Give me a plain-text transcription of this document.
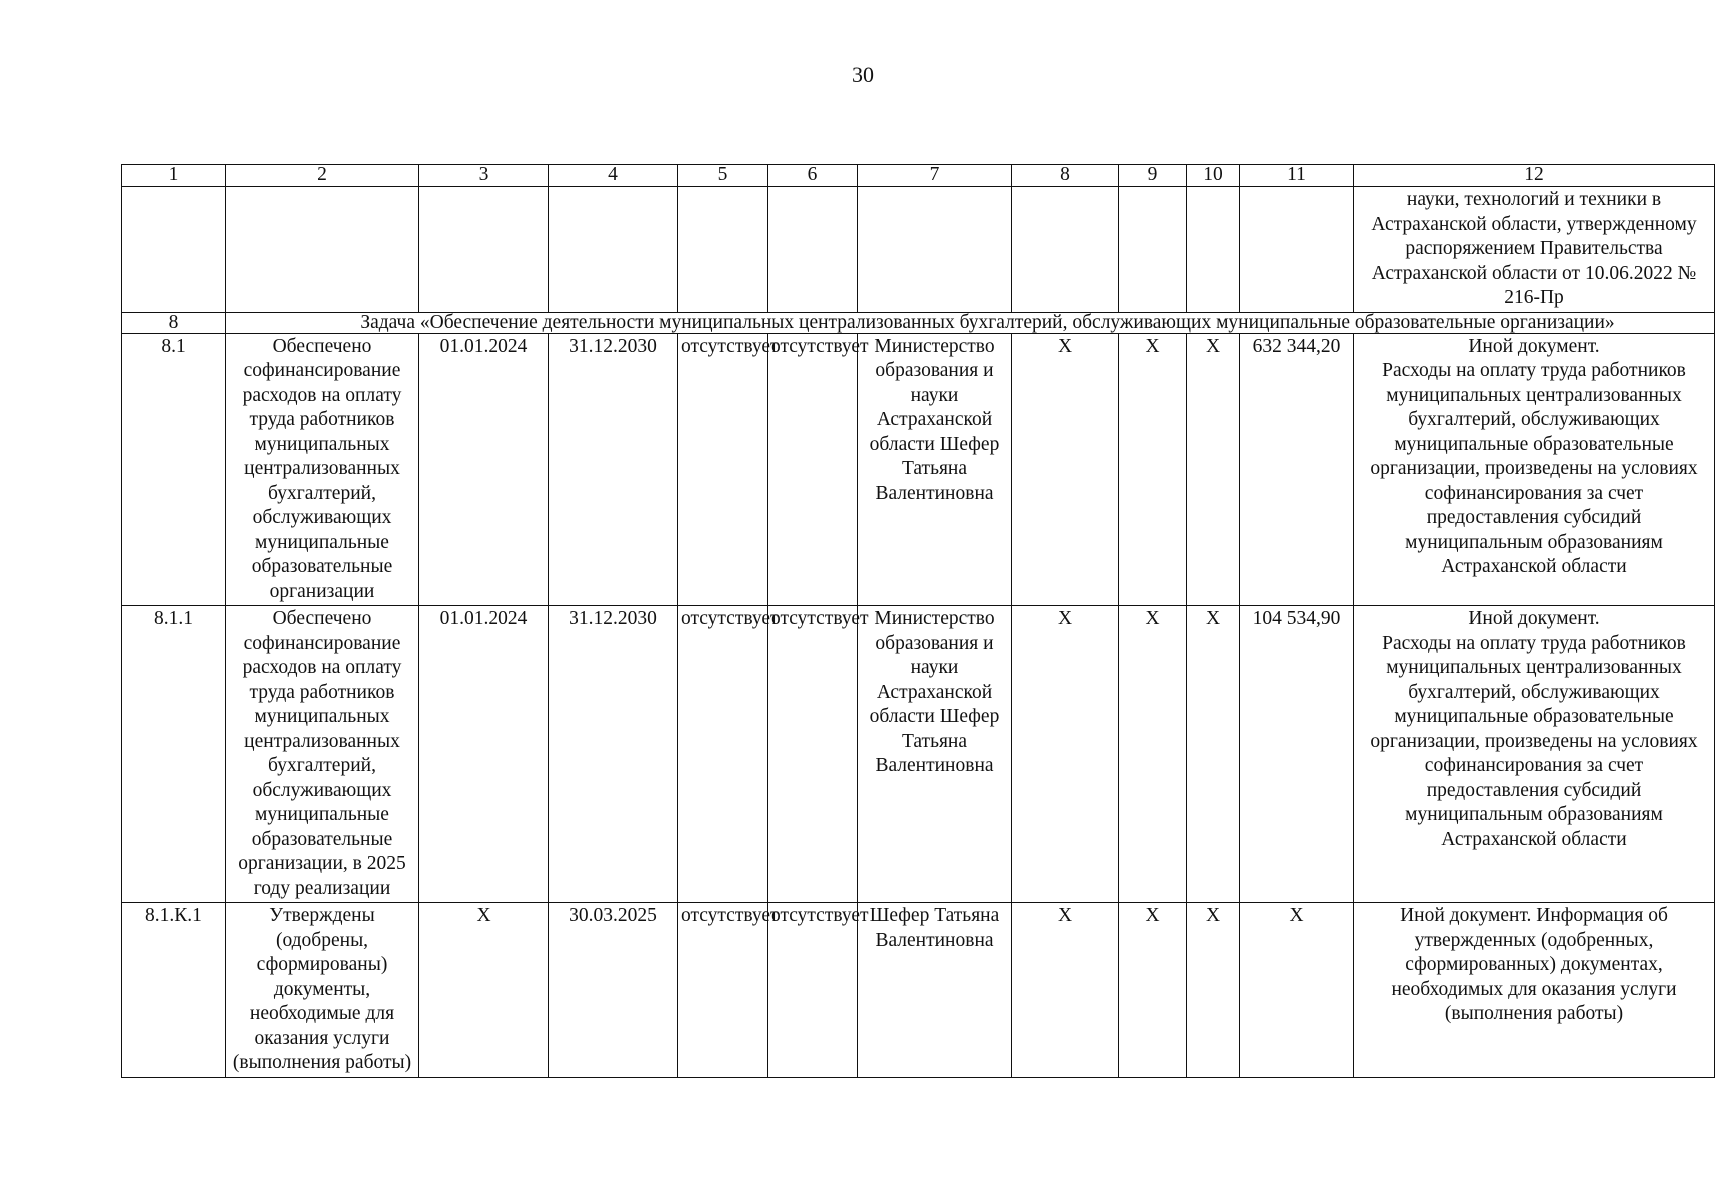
30
1	2	3	4	5	6	7	8	9	10	11	12
											науки, технологий и техники в Астраханской области, утвержденному распоряжением Правительства Астраханской области от 10.06.2022 № 216-Пр
8	Задача «Обеспечение деятельности муниципальных централизованных бухгалтерий, обслуживающих муниципальные образовательные организации»										
8.1	Обеспечено софинансирование расходов на оплату труда работников муниципальных централизованных бухгалтерий, обслуживающих муниципальные образовательные организации	01.01.2024	31.12.2030	отсутствует	отсутствует	Министерство образования и науки Астраханской области Шефер Татьяна Валентиновна	X	X	X	632 344,20	Иной документ.
Расходы на оплату труда работников муниципальных централизованных бухгалтерий, обслуживающих муниципальные образовательные организации, произведены на условиях софинансирования за счет предоставления субсидий муниципальным образованиям Астраханской области
8.1.1	Обеспечено софинансирование расходов на оплату труда работников муниципальных централизованных бухгалтерий, обслуживающих муниципальные образовательные организации, в 2025 году реализации	01.01.2024	31.12.2030	отсутствует	отсутствует	Министерство образования и науки Астраханской области Шефер Татьяна Валентиновна	X	X	X	104 534,90	Иной документ.
Расходы на оплату труда работников муниципальных централизованных бухгалтерий, обслуживающих муниципальные образовательные организации, произведены на условиях софинансирования за счет предоставления субсидий муниципальным образованиям Астраханской области
8.1.К.1	Утверждены (одобрены, сформированы) документы, необходимые для оказания услуги (выполнения работы)	X	30.03.2025	отсутствует	отсутствует	Шефер Татьяна Валентиновна	X	X	X	X	Иной документ. Информация об утвержденных (одобренных, сформированных) документах, необходимых для оказания услуги (выполнения работы)
